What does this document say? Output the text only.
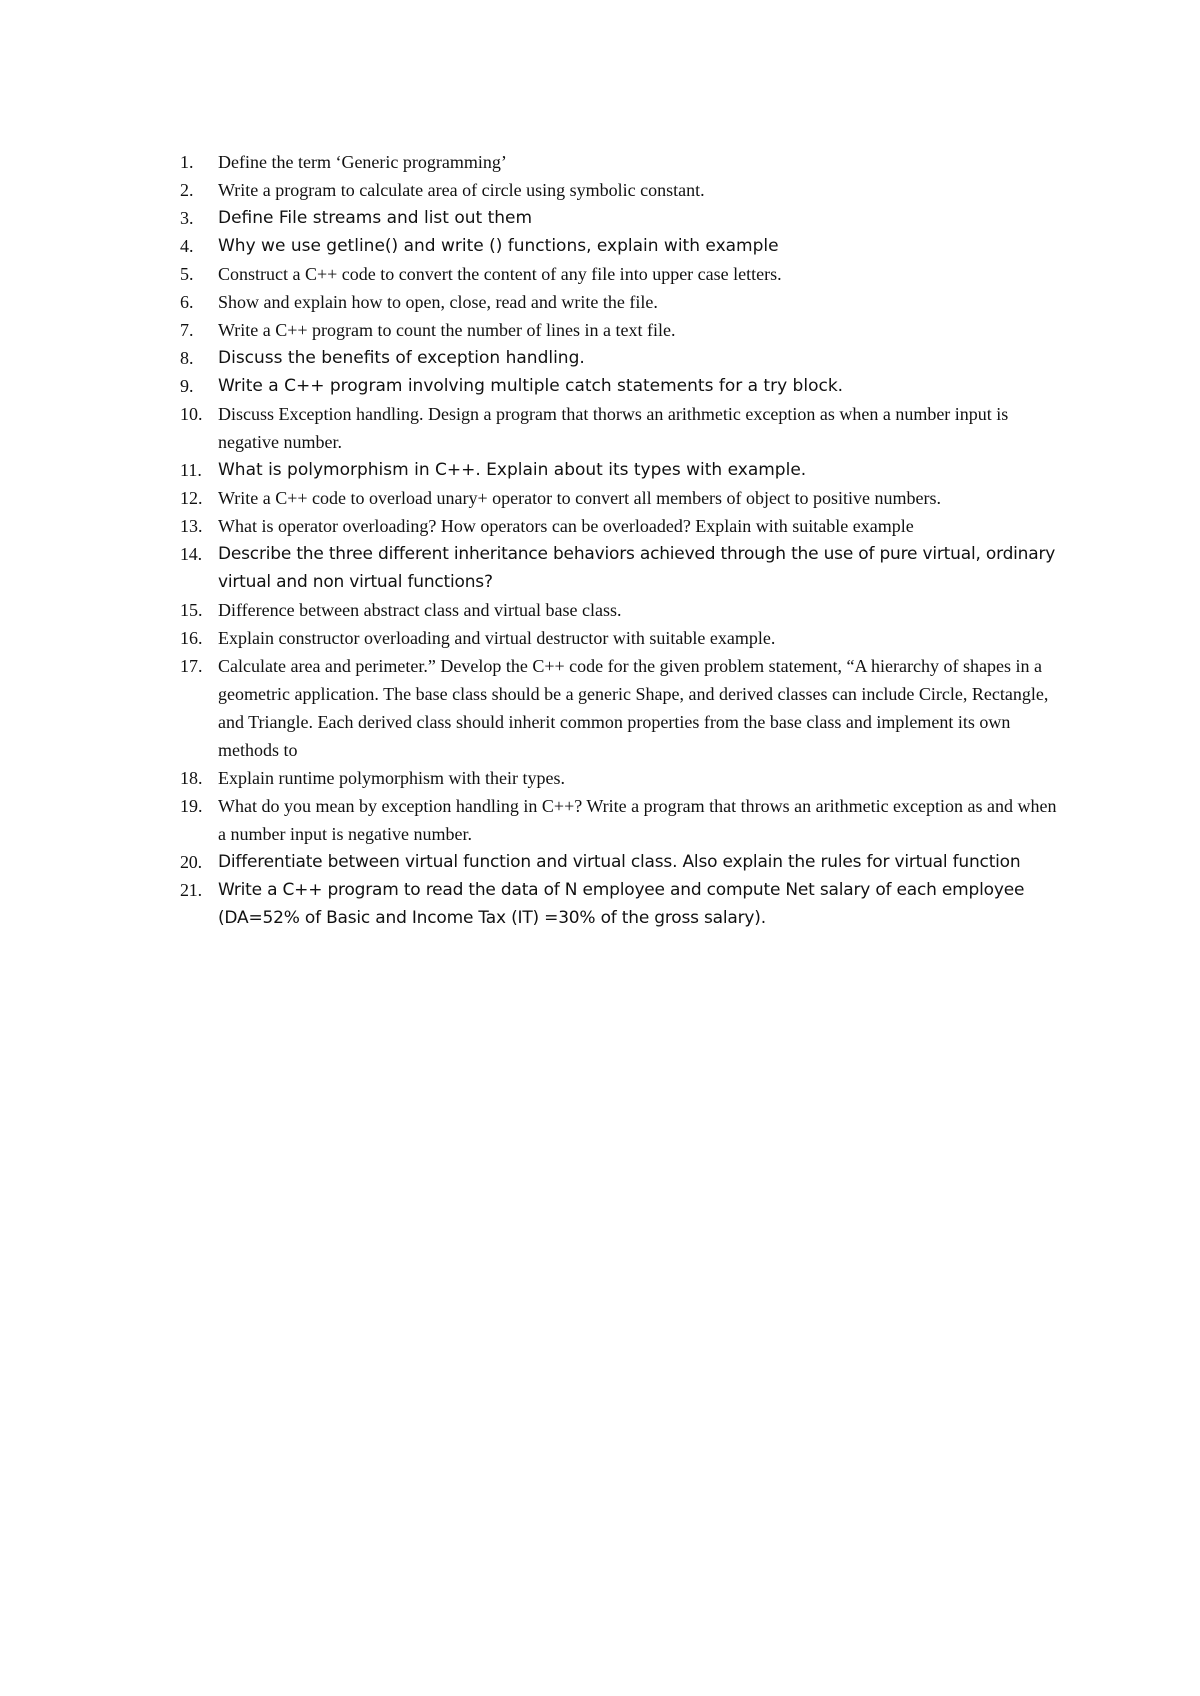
1.	Define the term ‘Generic programming’
2.	Write a program to calculate area of circle using symbolic constant.
3.	Define File streams and list out them
4.	Why we use getline() and write () functions, explain with example
5.	Construct a C++ code to convert the content of any file into upper case letters.
6.	Show and explain how to open, close, read and write the file.
7.	Write a C++ program to count the number of lines in a text file.
8.	Discuss the benefits of exception handling.
9.	Write a C++ program involving multiple catch statements for a try block.
10. Discuss Exception handling. Design a program that thorws an arithmetic exception as when a number input is negative number.
11. What is polymorphism in C++. Explain about its types with example.
12. Write a C++ code to overload unary+ operator to convert all members of object to positive numbers.
13. What is operator overloading? How operators can be overloaded? Explain with suitable example
14. Describe the three different inheritance behaviors achieved through the use of pure virtual, ordinary virtual and non virtual functions?
15. Difference between abstract class and virtual base class.
16. Explain constructor overloading and virtual destructor with suitable example.
17. Calculate area and perimeter.” Develop the C++ code for the given problem statement, “A hierarchy of shapes in a geometric application. The base class should be a generic Shape, and derived classes can include Circle, Rectangle, and Triangle. Each derived class should inherit common properties from the base class and implement its own methods to
18. Explain runtime polymorphism with their types.
19. What do you mean by exception handling in C++? Write a program that throws an arithmetic exception as and when a number input is negative number.
20. Differentiate between virtual function and virtual class. Also explain the rules for virtual function
21. Write a C++ program to read the data of N employee and compute Net salary of each employee (DA=52% of Basic and Income Tax (IT) =30% of the gross salary).
